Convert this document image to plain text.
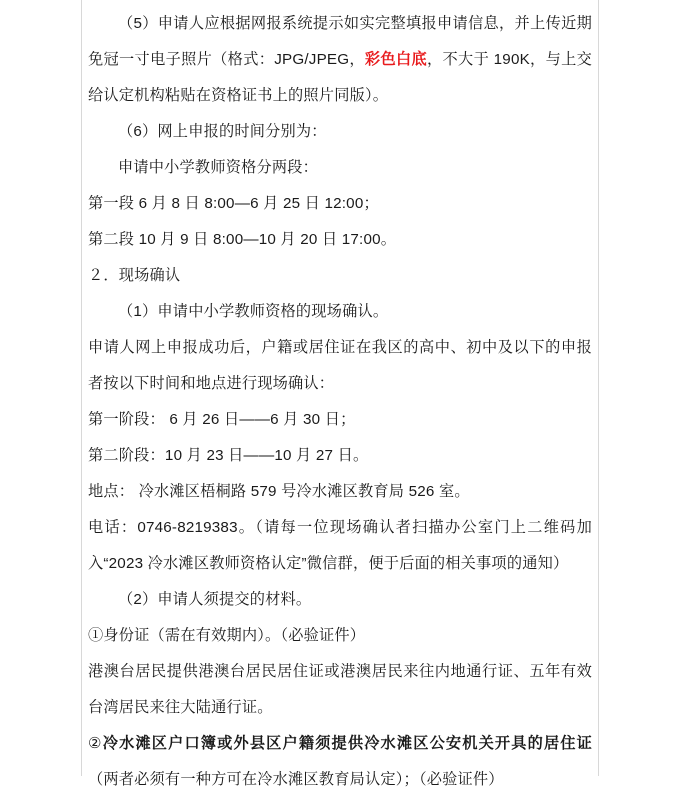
（5）申请人应根据网报系统提示如实完整填报申请信息，并上传近期免冠一寸电子照片（格式：JPG/JPEG，彩色白底，不大于 190K，与上交给认定机构粘贴在资格证书上的照片同版）。

（6）网上申报的时间分别为：

申请中小学教师资格分两段：

第一段 6 月 8 日 8:00—6 月 25 日 12:00；

第二段 10 月 9 日 8:00—10 月 20 日 17:00。

２．现场确认

（1）申请中小学教师资格的现场确认。

申请人网上申报成功后，户籍或居住证在我区的高中、初中及以下的申报者按以下时间和地点进行现场确认：

第一阶段： 6 月 26 日——6 月 30 日；

第二阶段：10 月 23 日——10 月 27 日。

地点： 冷水滩区梧桐路 579 号冷水滩区教育局 526 室。

电话：0746-8219383。（请每一位现场确认者扫描办公室门上二维码加入“2023 冷水滩区教师资格认定”微信群，便于后面的相关事项的通知）

（2）申请人须提交的材料。

①身份证（需在有效期内）。（必验证件）

港澳台居民提供港澳台居民居住证或港澳居民来往内地通行证、五年有效台湾居民来往大陆通行证。

②冷水滩区户口簿或外县区户籍须提供冷水滩区公安机关开具的居住证（两者必须有一种方可在冷水滩区教育局认定）；（必验证件）
